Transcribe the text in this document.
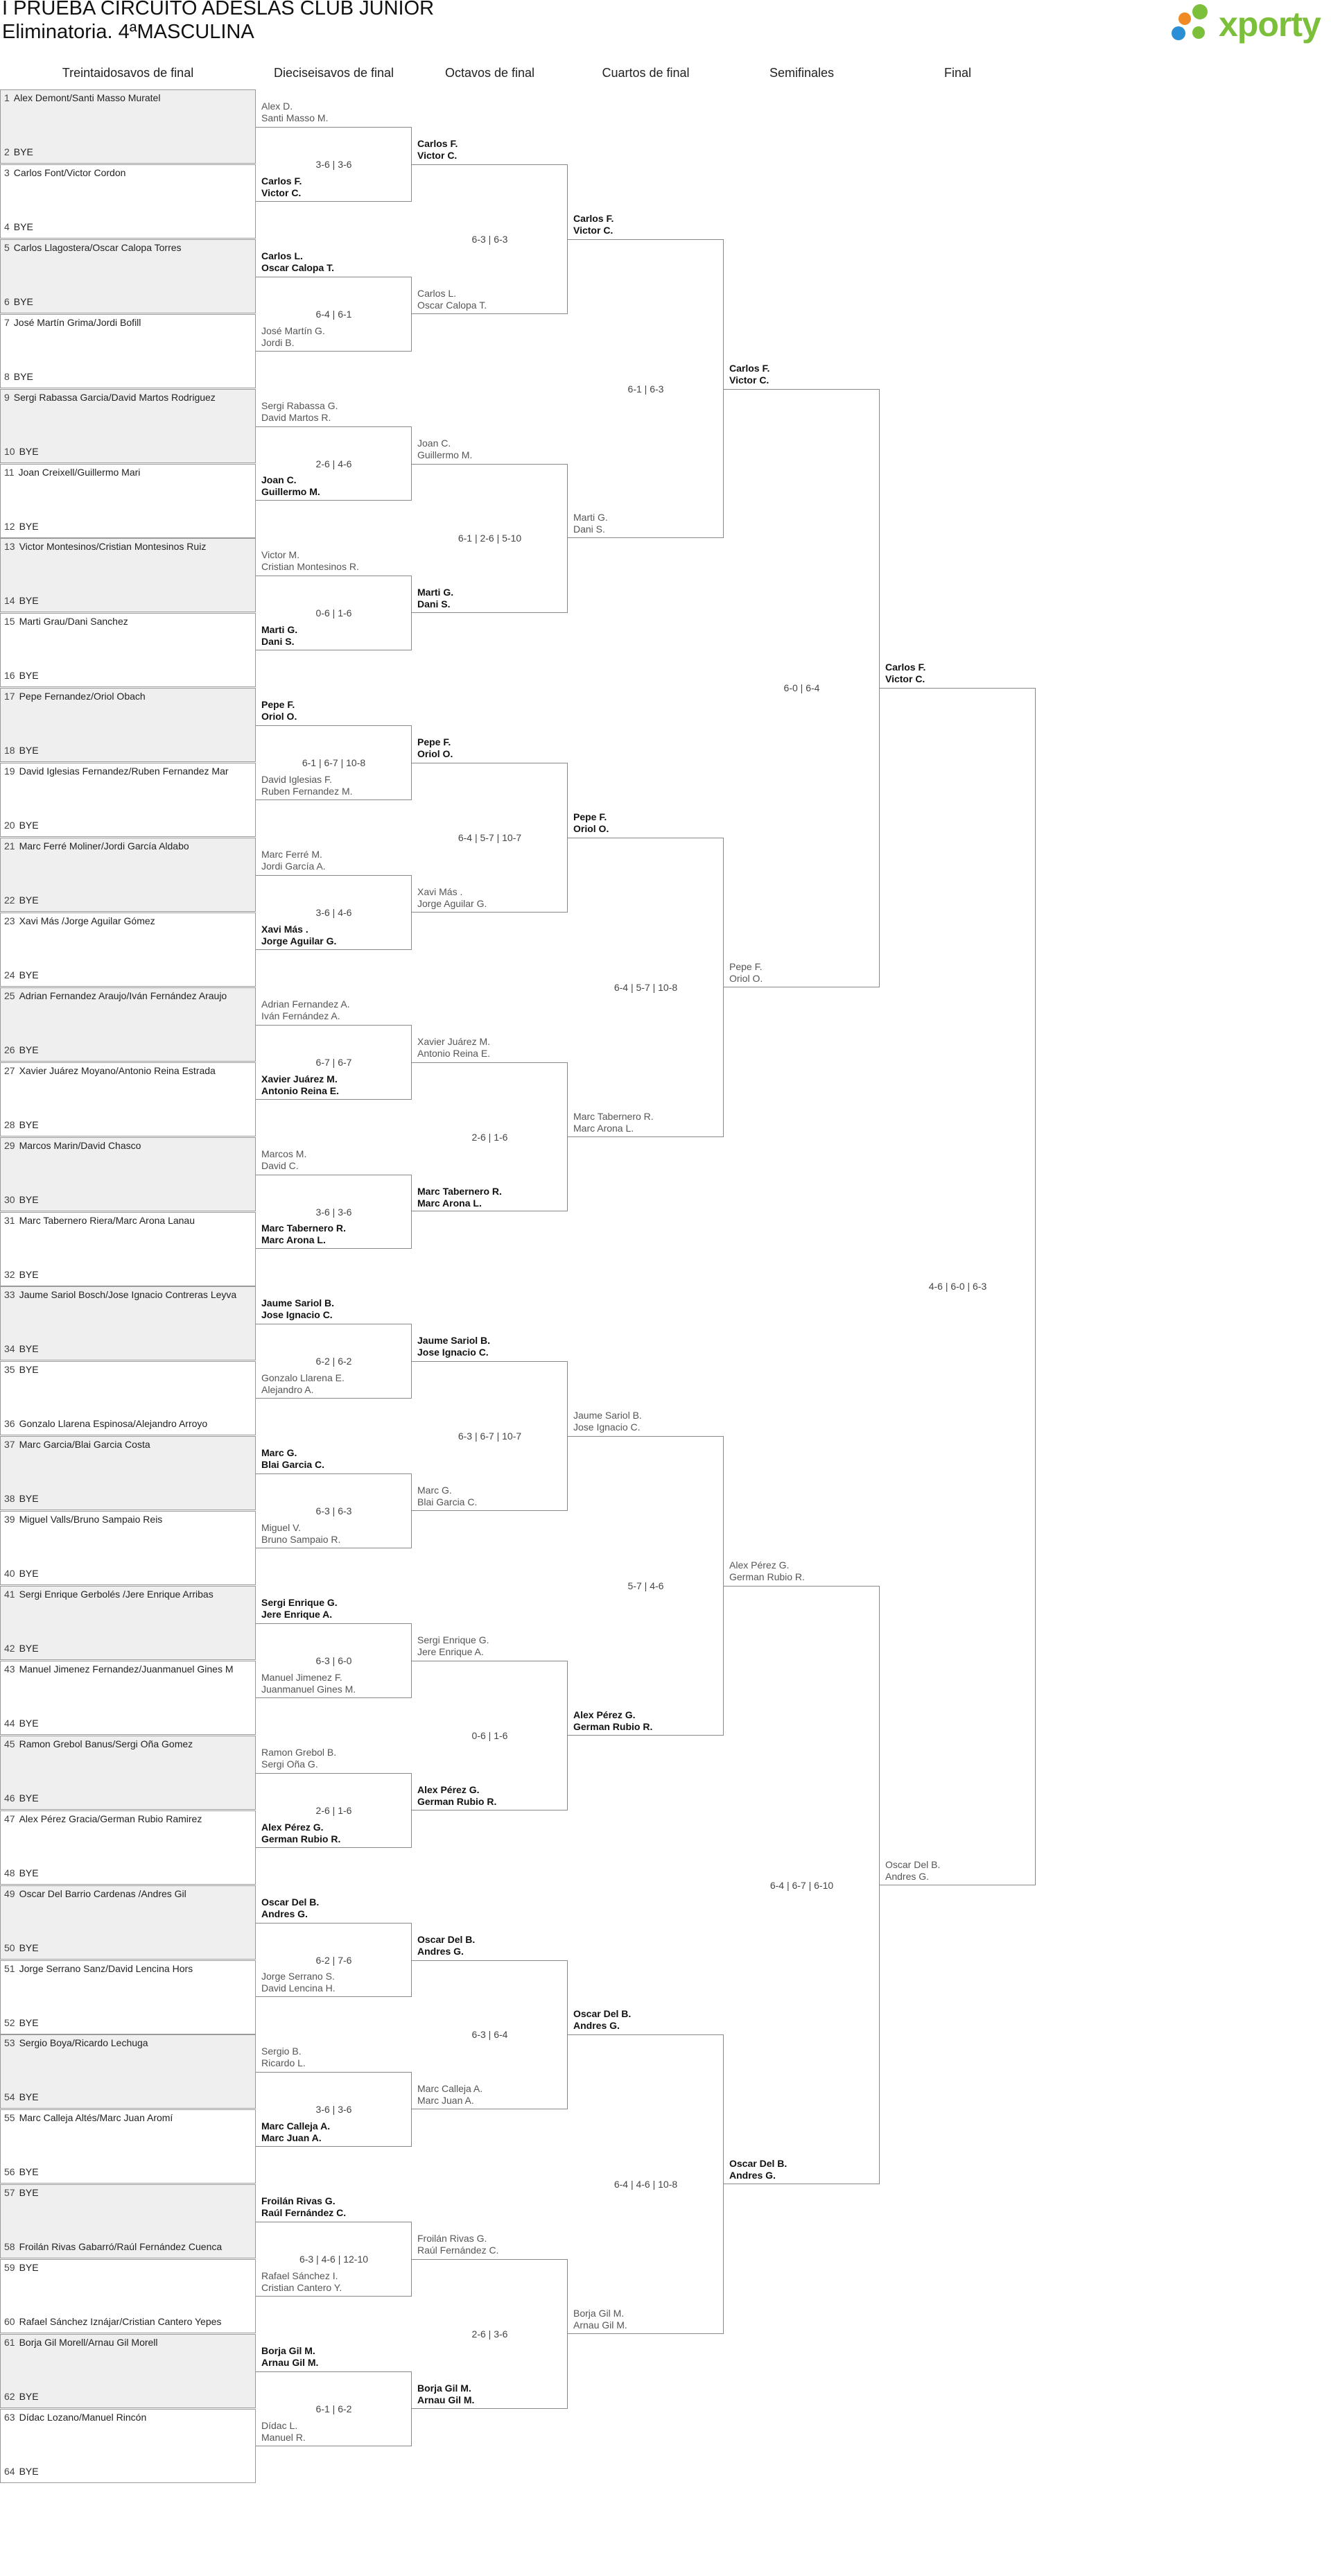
I PRUEBA CIRCUITO ADESLAS CLUB JUNIOR
Eliminatoria. 4ªMASCULINA	xporty
Treintaidosavos de final	Dieciseisavos de final	Octavos de final	Cuartos de final	Semifinales	Final
1 Alex Demont/Santi Masso Muratel
2 BYE
3 Carlos Font/Victor Cordon
4 BYE
5 Carlos Llagostera/Oscar Calopa Torres
6 BYE
7 José Martín Grima/Jordi Bofill
8 BYE
9 Sergi Rabassa Garcia/David Martos Rodriguez
10 BYE
11 Joan Creixell/Guillermo Mari
12 BYE
13 Victor Montesinos/Cristian Montesinos Ruiz
14 BYE
15 Marti Grau/Dani Sanchez
16 BYE
17 Pepe Fernandez/Oriol Obach
18 BYE
19 David Iglesias Fernandez/Ruben Fernandez Mar
20 BYE
21 Marc Ferré Moliner/Jordi García Aldabo
22 BYE
23 Xavi Más /Jorge Aguilar Gómez
24 BYE
25 Adrian Fernandez Araujo/Iván Fernández Araujo
26 BYE
27 Xavier Juárez Moyano/Antonio Reina Estrada
28 BYE
29 Marcos Marin/David Chasco
30 BYE
31 Marc Tabernero Riera/Marc Arona Lanau
32 BYE
33 Jaume Sariol Bosch/Jose Ignacio Contreras Leyva
34 BYE
35 BYE
36 Gonzalo Llarena Espinosa/Alejandro Arroyo
37 Marc Garcia/Blai Garcia Costa
38 BYE
39 Miguel Valls/Bruno Sampaio Reis
40 BYE
41 Sergi Enrique Gerbolés /Jere Enrique Arribas
42 BYE
43 Manuel Jimenez Fernandez/Juanmanuel Gines M
44 BYE
45 Ramon Grebol Banus/Sergi Oña Gomez
46 BYE
47 Alex Pérez Gracia/German Rubio Ramirez
48 BYE
49 Oscar Del Barrio Cardenas /Andres Gil
50 BYE
51 Jorge Serrano Sanz/David Lencina Hors
52 BYE
53 Sergio Boya/Ricardo Lechuga
54 BYE
55 Marc Calleja Altés/Marc Juan Aromí
56 BYE
57 BYE
58 Froilán Rivas Gabarró/Raúl Fernández Cuenca
59 BYE
60 Rafael Sánchez Iznájar/Cristian Cantero Yepes
61 Borja Gil Morell/Arnau Gil Morell
62 BYE
63 Dídac Lozano/Manuel Rincón
64 BYE
Alex D.
Santi Masso M.
Carlos F.
Victor C.
3-6 | 3-6
Carlos L.
Oscar Calopa T.
José Martín G.
Jordi B.
6-4 | 6-1
Sergi Rabassa G.
David Martos R.
Joan C.
Guillermo M.
2-6 | 4-6
Victor M.
Cristian Montesinos R.
Marti G.
Dani S.
0-6 | 1-6
Pepe F.
Oriol O.
David Iglesias F.
Ruben Fernandez M.
6-1 | 6-7 | 10-8
Marc Ferré M.
Jordi García A.
Xavi Más .
Jorge Aguilar G.
3-6 | 4-6
Adrian Fernandez A.
Iván Fernández A.
Xavier Juárez M.
Antonio Reina E.
6-7 | 6-7
Marcos M.
David C.
Marc Tabernero R.
Marc Arona L.
3-6 | 3-6
Jaume Sariol B.
Jose Ignacio C.
Gonzalo Llarena E.
Alejandro A.
6-2 | 6-2
Marc G.
Blai Garcia C.
Miguel V.
Bruno Sampaio R.
6-3 | 6-3
Sergi Enrique G.
Jere Enrique A.
Manuel Jimenez F.
Juanmanuel Gines M.
6-3 | 6-0
Ramon Grebol B.
Sergi Oña G.
Alex Pérez G.
German Rubio R.
2-6 | 1-6
Oscar Del B.
Andres G.
Jorge Serrano S.
David Lencina H.
6-2 | 7-6
Sergio B.
Ricardo L.
Marc Calleja A.
Marc Juan A.
3-6 | 3-6
Froilán Rivas G.
Raúl Fernández C.
Rafael Sánchez I.
Cristian Cantero Y.
6-3 | 4-6 | 12-10
Borja Gil M.
Arnau Gil M.
Dídac L.
Manuel R.
6-1 | 6-2
Carlos F.
Victor C.
Carlos L.
Oscar Calopa T.
6-3 | 6-3
Joan C.
Guillermo M.
Marti G.
Dani S.
6-1 | 2-6 | 5-10
Pepe F.
Oriol O.
Xavi Más .
Jorge Aguilar G.
6-4 | 5-7 | 10-7
Xavier Juárez M.
Antonio Reina E.
Marc Tabernero R.
Marc Arona L.
2-6 | 1-6
Jaume Sariol B.
Jose Ignacio C.
Marc G.
Blai Garcia C.
6-3 | 6-7 | 10-7
Sergi Enrique G.
Jere Enrique A.
Alex Pérez G.
German Rubio R.
0-6 | 1-6
Oscar Del B.
Andres G.
Marc Calleja A.
Marc Juan A.
6-3 | 6-4
Froilán Rivas G.
Raúl Fernández C.
Borja Gil M.
Arnau Gil M.
2-6 | 3-6
Carlos F.
Victor C.
Marti G.
Dani S.
6-1 | 6-3
Pepe F.
Oriol O.
Marc Tabernero R.
Marc Arona L.
6-4 | 5-7 | 10-8
Jaume Sariol B.
Jose Ignacio C.
Alex Pérez G.
German Rubio R.
5-7 | 4-6
Oscar Del B.
Andres G.
Borja Gil M.
Arnau Gil M.
6-4 | 4-6 | 10-8
Carlos F.
Victor C.
Pepe F.
Oriol O.
6-0 | 6-4
Alex Pérez G.
German Rubio R.
Oscar Del B.
Andres G.
6-4 | 6-7 | 6-10
Carlos F.
Victor C.
Oscar Del B.
Andres G.
4-6 | 6-0 | 6-3
